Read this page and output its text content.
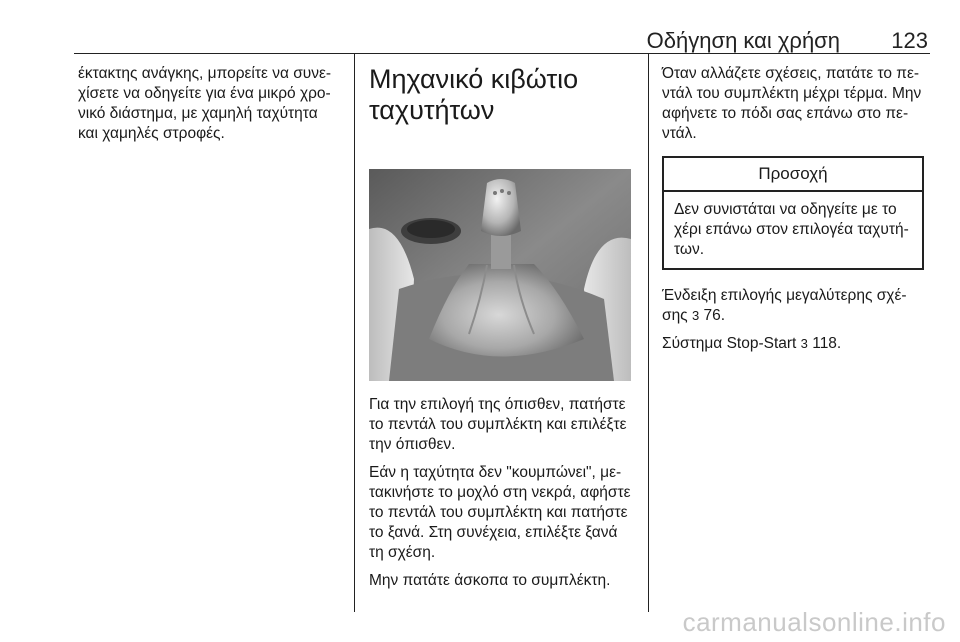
Οδήγηση και χρήση	123

έκτακτης ανάγκης, μπορείτε να συνε-χίσετε να οδηγείτε για ένα μικρό χρο-νικό διάστημα, με χαμηλή ταχύτητα και χαμηλές στροφές.

Μηχανικό κιβώτιο ταχυτήτων

Για την επιλογή της όπισθεν, πατήστε το πεντάλ του συμπλέκτη και επιλέξτε την όπισθεν.

Εάν η ταχύτητα δεν "κουμπώνει", με-τακινήστε το μοχλό στη νεκρά, αφήστε το πεντάλ του συμπλέκτη και πατήστε το ξανά. Στη συνέχεια, επιλέξτε ξανά τη σχέση.

Μην πατάτε άσκοπα το συμπλέκτη.

Όταν αλλάζετε σχέσεις, πατάτε το πε-ντάλ του συμπλέκτη μέχρι τέρμα. Μην αφήνετε το πόδι σας επάνω στο πε-ντάλ.

Προσοχή
Δεν συνιστάται να οδηγείτε με το χέρι επάνω στον επιλογέα ταχυτή-των.

Ένδειξη επιλογής μεγαλύτερης σχέ-σης 3 76.

Σύστημα Stop-Start 3 118.

carmanualsonline.info
